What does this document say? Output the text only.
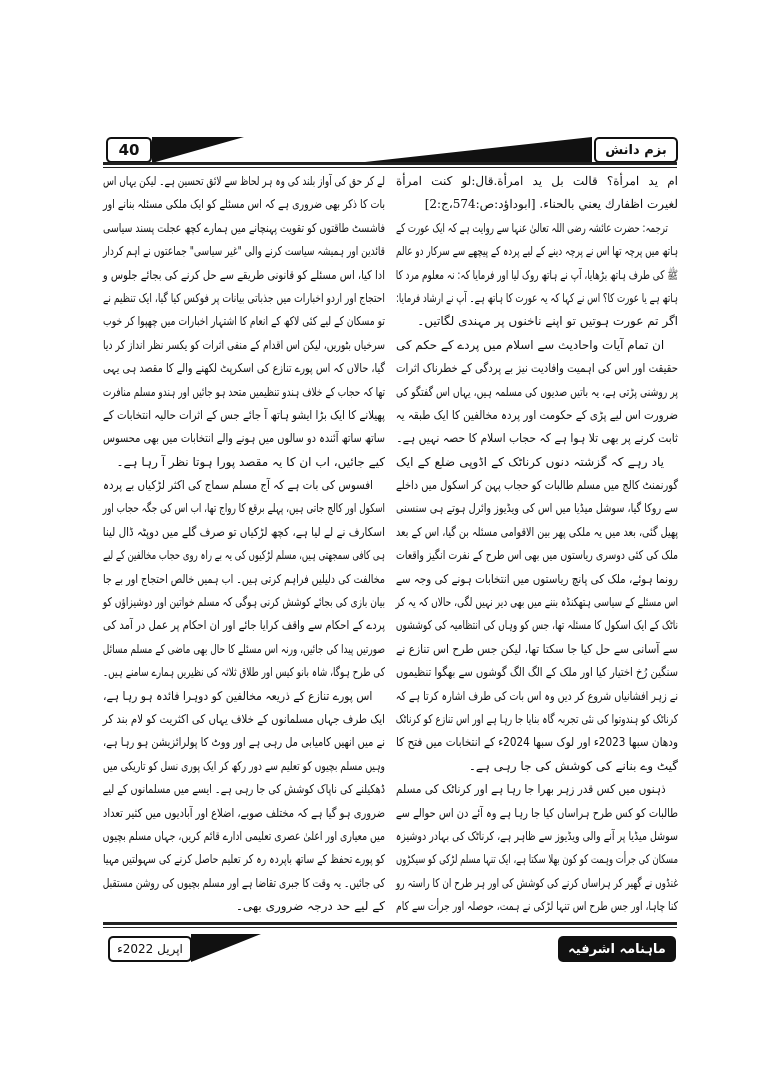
40	بزم دانش
ام يد امرأة؟ قالت بل يد امرأة.قال:لو كنت امرأة
لغيرت اظفارك يعني بالحناء. [ابوداؤد:ص:574،ج:2]
ترجمہ: حضرت عائشہ رضی اللہ تعالیٰ عنہا سے روایت ہے کہ ایک عورت کے
ہاتھ میں پرچہ تھا اس نے پرچہ دینے کے لیے پردہ کے پیچھے سے سرکار دو عالم
ﷺ کی طرف ہاتھ بڑھایا، آپ نے ہاتھ روک لیا اور فرمایا کہ: نہ معلوم مرد کا
ہاتھ ہے یا عورت کا؟ اس نے کہا کہ یہ عورت کا ہاتھ ہے۔ آپ نے ارشاد فرمایا:
اگر تم عورت ہوتیں تو اپنے ناخنوں پر مہندی لگاتیں۔
ان تمام آیات واحادیث سے اسلام میں پردے کے حکم کی
حقیقت اور اس کی اہمیت وافادیت نیز بے پردگی کے خطرناک اثرات
پر روشنی پڑتی ہے، یہ باتیں صدیوں کی مسلمہ ہیں، یہاں اس گفتگو کی
ضرورت اس لیے پڑی کے حکومت اور پردہ مخالفین کا ایک طبقہ یہ
ثابت کرنے پر بھی تلا ہوا ہے کہ حجاب اسلام کا حصہ نہیں ہے۔
یاد رہے کہ گزشتہ دنوں کرناٹک کے اڈوپی ضلع کے ایک
گورنمنٹ کالج میں مسلم طالبات کو حجاب پہن کر اسکول میں داخلے
سے روکا گیا، سوشل میڈیا میں اس کی ویڈیوز وائرل ہوتے ہی سنسنی
پھیل گئی، بعد میں یہ ملکی پھر بین الاقوامی مسئلہ بن گیا، اس کے بعد
ملک کی کئی دوسری ریاستوں میں بھی اس طرح کے نفرت انگیز واقعات
رونما ہوئے، ملک کی پانچ ریاستوں میں انتخابات ہونے کی وجہ سے
اس مسئلے کے سیاسی ہتھکنڈہ بننے میں بھی دیر نہیں لگی، حالاں کہ یہ کر
ناٹک کے ایک اسکول کا مسئلہ تھا، جس کو وہاں کی انتظامیہ کی کوششوں
سے آسانی سے حل کیا جا سکتا تھا، لیکن جس طرح اس تنازع نے
سنگین رُخ اختیار کیا اور ملک کے الگ الگ گوشوں سے بھگوا تنظیموں
نے زہر افشانیاں شروع کر دیں وہ اس بات کی طرف اشارہ کرتا ہے کہ
کرناٹک کو ہندوتوا کی نئی تجربہ گاہ بنایا جا رہا ہے اور اس تنازع کو کرناٹک
ودھان سبھا 2023ء اور لوک سبھا 2024ء کے انتخابات میں فتح کا
گیٹ وے بنانے کی کوشش کی جا رہی ہے۔
ذہنوں میں کس قدر زہر بھرا جا رہا ہے اور کرناٹک کی مسلم
طالبات کو کس طرح ہراساں کیا جا رہا ہے وہ آئے دن اس حوالے سے
سوشل میڈیا پر آنے والی ویڈیوز سے ظاہر ہے، کرناٹک کی بہادر دوشیزہ
مسکان کی جرأت وہمت کو کون بھلا سکتا ہے، ایک تنہا مسلم لڑکی کو سیکڑوں
غنڈوں نے گھیر کر ہراساں کرنے کی کوشش کی اور ہر طرح ان کا راستہ رو
کنا چاہا، اور جس طرح اس تنہا لڑکی نے ہمت، حوصلہ اور جرأت سے کام
لے کر حق کی آواز بلند کی وہ ہر لحاظ سے لائق تحسین ہے۔ لیکن یہاں اس
بات کا ذکر بھی ضروری ہے کہ اس مسئلے کو ایک ملکی مسئلہ بنانے اور
فاشسٹ طاقتوں کو تقویت پہنچانے میں ہمارے کچھ عجلت پسند سیاسی
قائدین اور ہمیشہ سیاست کرنے والی "غیر سیاسی" جماعتوں نے اہم کردار
ادا کیا، اس مسئلے کو قانونی طریقے سے حل کرنے کی بجائے جلوس و
احتجاج اور اردو اخبارات میں جذباتی بیانات پر فوکس کیا گیا، ایک تنظیم نے
تو مسکان کے لیے کئی لاکھ کے انعام کا اشتہار اخبارات میں چھپوا کر خوب
سرخیاں بٹوریں، لیکن اس اقدام کے منفی اثرات کو یکسر نظر انداز کر دیا
گیا، حالاں کہ اس پورے تنازع کی اسکرپٹ لکھنے والے کا مقصد ہی یہی
تھا کہ حجاب کے خلاف ہندو تنظیمیں متحد ہو جائیں اور ہندو مسلم منافرت
پھیلانے کا ایک بڑا ایشو ہاتھ آ جائے جس کے اثرات حالیہ انتخابات کے
ساتھ ساتھ آئندہ دو سالوں میں ہونے والے انتخابات میں بھی محسوس
کیے جائیں، اب ان کا یہ مقصد پورا ہوتا نظر آ رہا ہے۔
افسوس کی بات ہے کہ آج مسلم سماج کی اکثر لڑکیاں بے پردہ
اسکول اور کالج جاتی ہیں، پہلے برقع کا رواج تھا، اب اس کی جگہ حجاب اور
اسکارف نے لے لیا ہے، کچھ لڑکیاں تو صرف گلے میں دوپٹہ ڈال لینا
ہی کافی سمجھتی ہیں، مسلم لڑکیوں کی یہ بے راہ روی حجاب مخالفین کے لیے
مخالفت کی دلیلیں فراہم کرتی ہیں۔ اب ہمیں خالص احتجاج اور بے جا
بیان بازی کی بجائے کوشش کرنی ہوگی کہ مسلم خواتین اور دوشیزاؤں کو
پردے کے احکام سے واقف کرایا جائے اور ان احکام پر عمل در آمد کی
صورتیں پیدا کی جائیں، ورنہ اس مسئلے کا حال بھی ماضی کے مسلم مسائل
کی طرح ہوگا، شاہ بانو کیس اور طلاق ثلاثہ کی نظیریں ہمارے سامنے ہیں۔
اس پورے تنازع کے ذریعہ مخالفین کو دوہرا فائدہ ہو رہا ہے،
ایک طرف جہاں مسلمانوں کے خلاف یہاں کی اکثریت کو لام بند کر
نے میں انھیں کامیابی مل رہی ہے اور ووٹ کا پولرائزیشن ہو رہا ہے،
وہیں مسلم بچیوں کو تعلیم سے دور رکھ کر ایک پوری نسل کو تاریکی میں
ڈھکیلنے کی ناپاک کوشش کی جا رہی ہے۔ ایسے میں مسلمانوں کے لیے
ضروری ہو گیا ہے کہ مختلف صوبے، اضلاع اور آبادیوں میں کثیر تعداد
میں معیاری اور اعلیٰ عصری تعلیمی ادارے قائم کریں، جہاں مسلم بچیوں
کو پورے تحفظ کے ساتھ باپردہ رہ کر تعلیم حاصل کرنے کی سہولتیں مہیا
کی جائیں۔ یہ وقت کا جبری تقاضا ہے اور مسلم بچیوں کی روشن مستقبل
کے لیے حد درجہ ضروری بھی۔
اپریل 2022ء	ماہنامہ اشرفیہ
